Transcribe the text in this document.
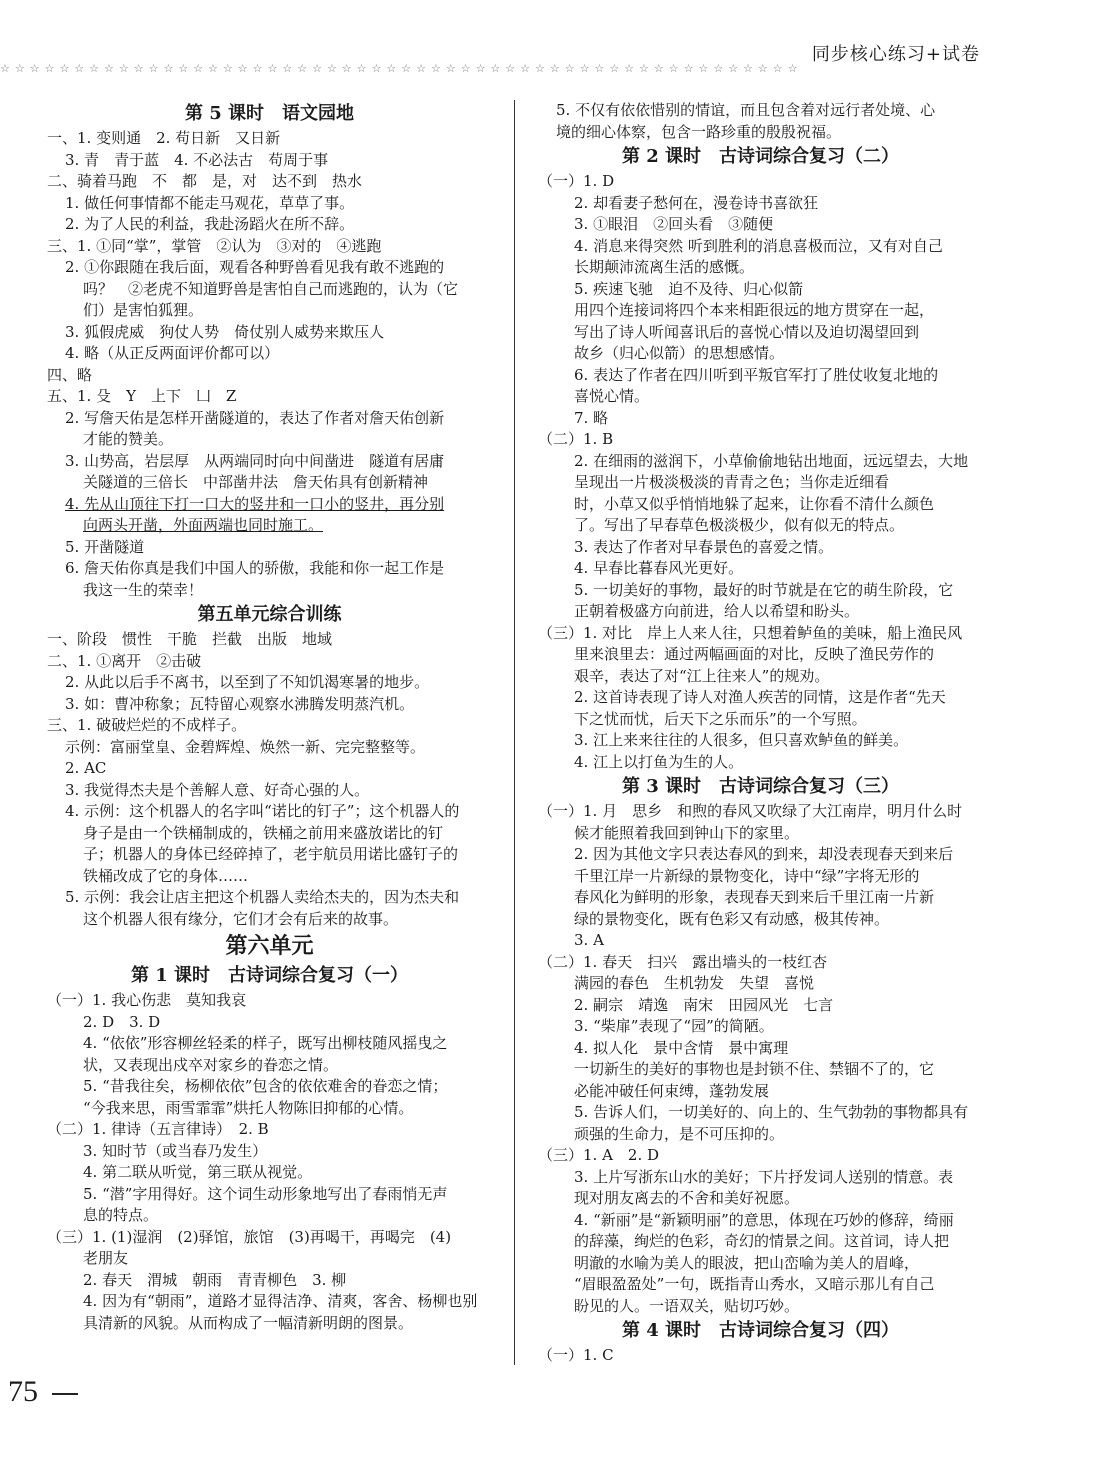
同步核心练习+试卷
☆☆☆☆☆☆☆☆☆☆☆☆☆☆☆☆☆☆☆☆☆☆☆☆☆☆☆☆☆☆☆☆☆☆☆☆☆☆☆☆☆☆☆☆☆☆☆☆☆☆☆☆☆☆
第 5 课时　语文园地
一、1. 变则通　2. 苟日新　又日新
3. 青　青于蓝　4. 不必法古　苟周于事
二、骑着马跑　不　都　是，对　达不到　热水
1. 做任何事情都不能走马观花，草草了事。
2. 为了人民的利益，我赴汤蹈火在所不辞。
三、1. ①同“掌”，掌管　②认为　③对的　④逃跑
2. ①你跟随在我后面，观看各种野兽看见我有敢不逃跑的
吗？　②老虎不知道野兽是害怕自己而逃跑的，认为（它
们）是害怕狐狸。
3. 狐假虎威　狗仗人势　倚仗别人威势来欺压人
4. 略（从正反两面评价都可以）
四、略
五、1. 殳　Y　上下　凵　Z
2. 写詹天佑是怎样开凿隧道的，表达了作者对詹天佑创新
才能的赞美。
3. 山势高，岩层厚　从两端同时向中间凿进　隧道有居庸
关隧道的三倍长　中部凿井法　詹天佑具有创新精神
4. 先从山顶往下打一口大的竖井和一口小的竖井，再分别
向两头开凿，外面两端也同时施工。
5. 开凿隧道
6. 詹天佑你真是我们中国人的骄傲，我能和你一起工作是
我这一生的荣幸！
第五单元综合训练
一、阶段　惯性　干脆　拦截　出版　地域
二、1. ①离开　②击破
2. 从此以后手不离书，以至到了不知饥渴寒暑的地步。
3. 如：曹冲称象；瓦特留心观察水沸腾发明蒸汽机。
三、1. 破破烂烂的不成样子。
示例：富丽堂皇、金碧辉煌、焕然一新、完完整整等。
2. AC
3. 我觉得杰夫是个善解人意、好奇心强的人。
4. 示例：这个机器人的名字叫“诺比的钉子”；这个机器人的
身子是由一个铁桶制成的，铁桶之前用来盛放诺比的钉
子；机器人的身体已经碎掉了，老宇航员用诺比盛钉子的
铁桶改成了它的身体……
5. 示例：我会让店主把这个机器人卖给杰夫的，因为杰夫和
这个机器人很有缘分，它们才会有后来的故事。
第六单元
第 1 课时　古诗词综合复习（一）
（一）1. 我心伤悲　莫知我哀
2. D　3. D
4. “依依”形容柳丝轻柔的样子，既写出柳枝随风摇曳之
状，又表现出戍卒对家乡的眷恋之情。
5. “昔我往矣，杨柳依依”包含的依依难舍的眷恋之情；
“今我来思，雨雪霏霏”烘托人物陈旧抑郁的心情。
（二）1. 律诗（五言律诗）　2. B
3. 知时节（或当春乃发生）
4. 第二联从听觉，第三联从视觉。
5. “潜”字用得好。这个词生动形象地写出了春雨悄无声
息的特点。
（三）1. (1)湿润　(2)驿馆，旅馆　(3)再喝干，再喝完　(4)
老朋友
2. 春天　渭城　朝雨　青青柳色　3. 柳
4. 因为有“朝雨”，道路才显得洁净、清爽，客舍、杨柳也别
具清新的风貌。从而构成了一幅清新明朗的图景。
5. 不仅有依依惜别的情谊，而且包含着对远行者处境、心
境的细心体察，包含一路珍重的殷殷祝福。
第 2 课时　古诗词综合复习（二）
（一）1. D
2. 却看妻子愁何在，漫卷诗书喜欲狂
3. ①眼泪　②回头看　③随便
4. 消息来得突然 听到胜利的消息喜极而泣，又有对自己
长期颠沛流离生活的感慨。
5. 疾速飞驰　迫不及待、归心似箭
用四个连接词将四个本来相距很远的地方贯穿在一起，
写出了诗人听闻喜讯后的喜悦心情以及迫切渴望回到
故乡（归心似箭）的思想感情。
6. 表达了作者在四川听到平叛官军打了胜仗收复北地的
喜悦心情。
7. 略
（二）1. B
2. 在细雨的滋润下，小草偷偷地钻出地面，远远望去，大地
呈现出一片极淡极淡的青青之色；当你走近细看
时，小草又似乎悄悄地躲了起来，让你看不清什么颜色
了。写出了早春草色极淡极少，似有似无的特点。
3. 表达了作者对早春景色的喜爱之情。
4. 早春比暮春风光更好。
5. 一切美好的事物，最好的时节就是在它的萌生阶段，它
正朝着极盛方向前进，给人以希望和盼头。
（三）1. 对比　岸上人来人往，只想着鲈鱼的美味，船上渔民风
里来浪里去：通过两幅画面的对比，反映了渔民劳作的
艰辛，表达了对“江上往来人”的规劝。
2. 这首诗表现了诗人对渔人疾苦的同情，这是作者“先天
下之忧而忧，后天下之乐而乐”的一个写照。
3. 江上来来往往的人很多，但只喜欢鲈鱼的鲜美。
4. 江上以打鱼为生的人。
第 3 课时　古诗词综合复习（三）
（一）1. 月　思乡　和煦的春风又吹绿了大江南岸，明月什么时
候才能照着我回到钟山下的家里。
2. 因为其他文字只表达春风的到来，却没表现春天到来后
千里江岸一片新绿的景物变化，诗中“绿”字将无形的
春风化为鲜明的形象，表现春天到来后千里江南一片新
绿的景物变化，既有色彩又有动感，极其传神。
3. A
（二）1. 春天　扫兴　露出墙头的一枝红杏
满园的春色　生机勃发　失望　喜悦
2. 嗣宗　靖逸　南宋　田园风光　七言
3. “柴扉”表现了“园”的简陋。
4. 拟人化　景中含情　景中寓理
一切新生的美好的事物也是封锁不住、禁锢不了的，它
必能冲破任何束缚，蓬勃发展
5. 告诉人们，一切美好的、向上的、生气勃勃的事物都具有
顽强的生命力，是不可压抑的。
（三）1. A　2. D
3. 上片写浙东山水的美好；下片抒发词人送别的情意。表
现对朋友离去的不舍和美好祝愿。
4. “新丽”是“新颖明丽”的意思，体现在巧妙的修辞，绮丽
的辞藻，绚烂的色彩，奇幻的情景之间。这首词，诗人把
明澈的水喻为美人的眼波，把山峦喻为美人的眉峰，
“眉眼盈盈处”一句，既指青山秀水，又暗示那儿有自己
盼见的人。一语双关，贴切巧妙。
第 4 课时　古诗词综合复习（四）
（一）1. C
75
